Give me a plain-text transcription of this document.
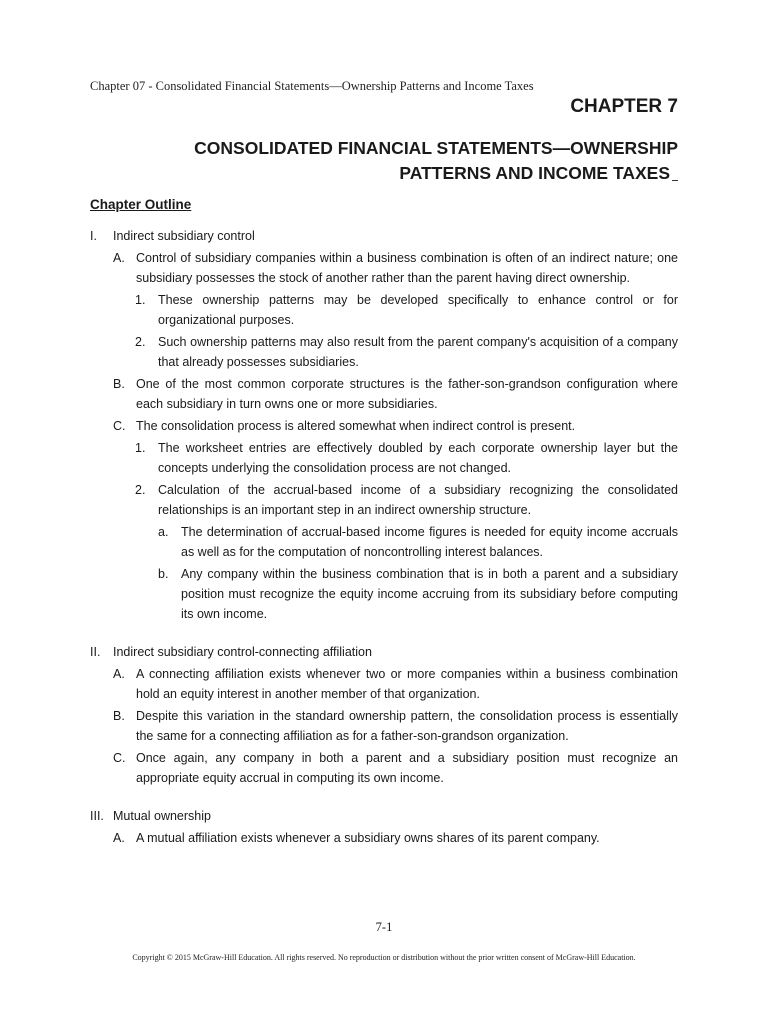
Chapter 07 - Consolidated Financial Statements—Ownership Patterns and Income Taxes
CHAPTER 7
CONSOLIDATED FINANCIAL STATEMENTS—OWNERSHIP
PATTERNS AND INCOME TAXES
Chapter Outline
I. Indirect subsidiary control
A. Control of subsidiary companies within a business combination is often of an indirect nature; one subsidiary possesses the stock of another rather than the parent having direct ownership.
1. These ownership patterns may be developed specifically to enhance control or for organizational purposes.
2. Such ownership patterns may also result from the parent company's acquisition of a company that already possesses subsidiaries.
B. One of the most common corporate structures is the father-son-grandson configuration where each subsidiary in turn owns one or more subsidiaries.
C. The consolidation process is altered somewhat when indirect control is present.
1. The worksheet entries are effectively doubled by each corporate ownership layer but the concepts underlying the consolidation process are not changed.
2. Calculation of the accrual-based income of a subsidiary recognizing the consolidated relationships is an important step in an indirect ownership structure.
a. The determination of accrual-based income figures is needed for equity income accruals as well as for the computation of noncontrolling interest balances.
b. Any company within the business combination that is in both a parent and a subsidiary position must recognize the equity income accruing from its subsidiary before computing its own income.
II. Indirect subsidiary control-connecting affiliation
A. A connecting affiliation exists whenever two or more companies within a business combination hold an equity interest in another member of that organization.
B. Despite this variation in the standard ownership pattern, the consolidation process is essentially the same for a connecting affiliation as for a father-son-grandson organization.
C. Once again, any company in both a parent and a subsidiary position must recognize an appropriate equity accrual in computing its own income.
III. Mutual ownership
A. A mutual affiliation exists whenever a subsidiary owns shares of its parent company.
7-1
Copyright © 2015 McGraw-Hill Education. All rights reserved. No reproduction or distribution without the prior written consent of McGraw-Hill Education.
